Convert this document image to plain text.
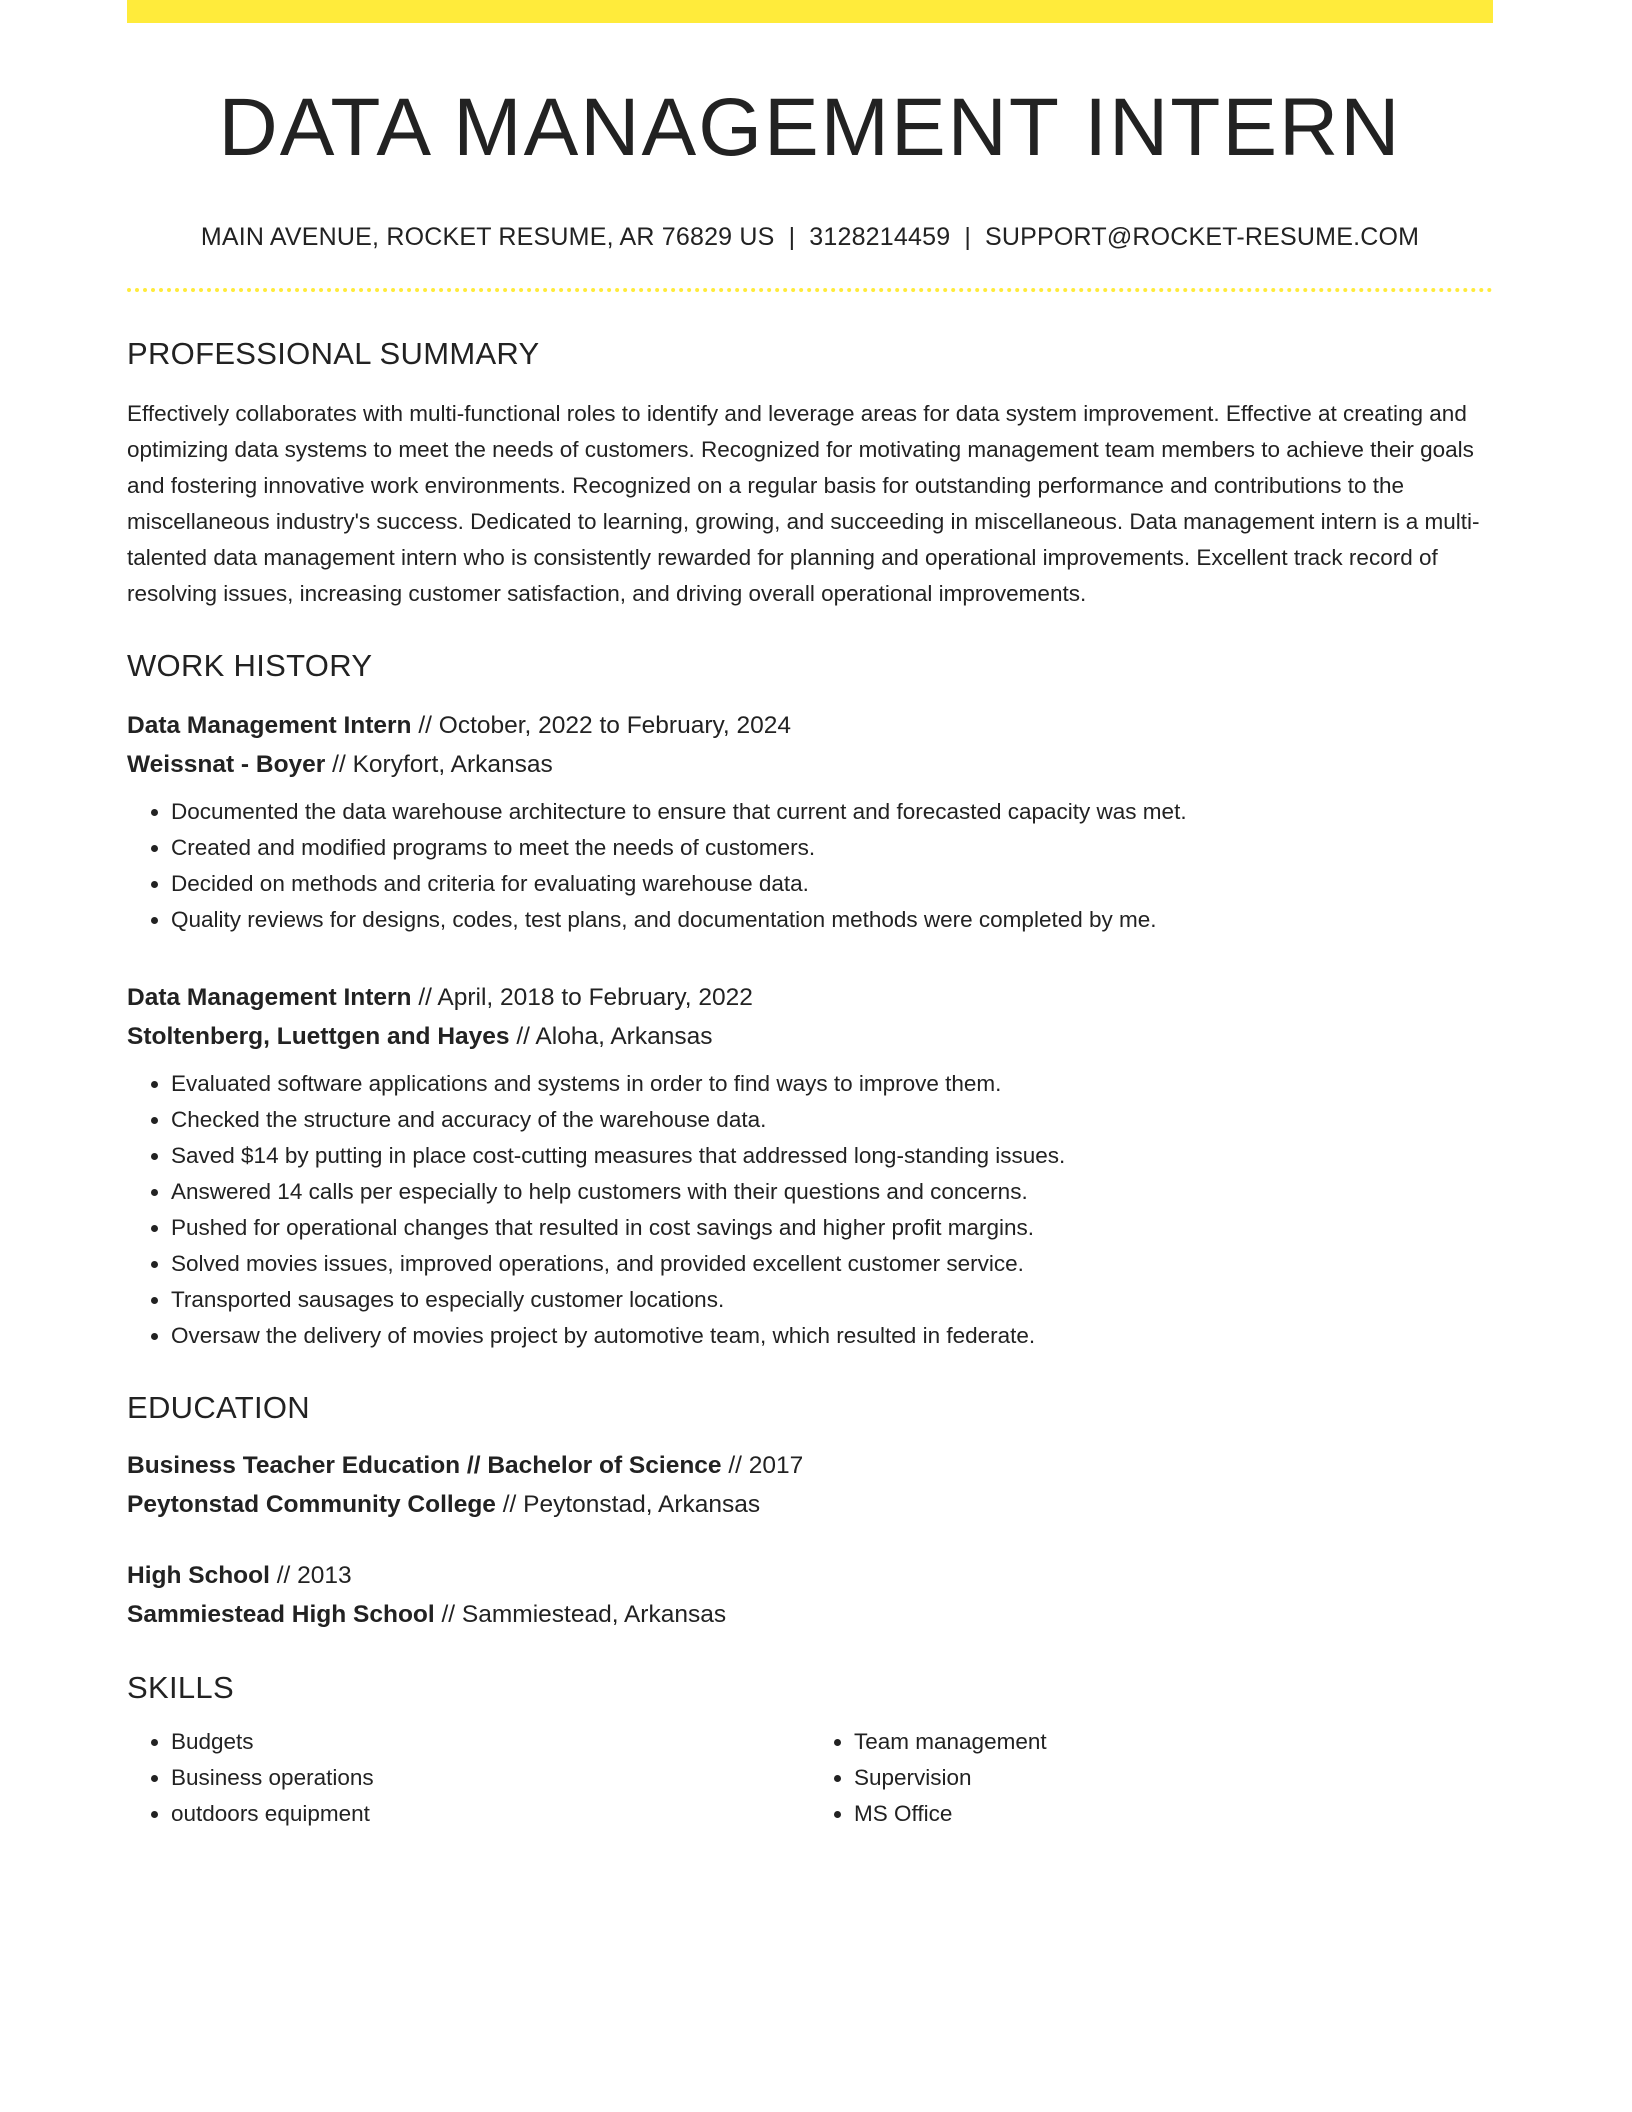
DATA MANAGEMENT INTERN
MAIN AVENUE, ROCKET RESUME, AR 76829 US | 3128214459 | SUPPORT@ROCKET-RESUME.COM
PROFESSIONAL SUMMARY
Effectively collaborates with multi-functional roles to identify and leverage areas for data system improvement. Effective at creating and optimizing data systems to meet the needs of customers. Recognized for motivating management team members to achieve their goals and fostering innovative work environments. Recognized on a regular basis for outstanding performance and contributions to the miscellaneous industry's success. Dedicated to learning, growing, and succeeding in miscellaneous. Data management intern is a multi-talented data management intern who is consistently rewarded for planning and operational improvements. Excellent track record of resolving issues, increasing customer satisfaction, and driving overall operational improvements.
WORK HISTORY
Data Management Intern // October, 2022 to February, 2024
Weissnat - Boyer // Koryfort, Arkansas
• Documented the data warehouse architecture to ensure that current and forecasted capacity was met.
• Created and modified programs to meet the needs of customers.
• Decided on methods and criteria for evaluating warehouse data.
• Quality reviews for designs, codes, test plans, and documentation methods were completed by me.
Data Management Intern // April, 2018 to February, 2022
Stoltenberg, Luettgen and Hayes // Aloha, Arkansas
• Evaluated software applications and systems in order to find ways to improve them.
• Checked the structure and accuracy of the warehouse data.
• Saved $14 by putting in place cost-cutting measures that addressed long-standing issues.
• Answered 14 calls per especially to help customers with their questions and concerns.
• Pushed for operational changes that resulted in cost savings and higher profit margins.
• Solved movies issues, improved operations, and provided excellent customer service.
• Transported sausages to especially customer locations.
• Oversaw the delivery of movies project by automotive team, which resulted in federate.
EDUCATION
Business Teacher Education // Bachelor of Science // 2017
Peytonstad Community College // Peytonstad, Arkansas
High School // 2013
Sammiestead High School // Sammiestead, Arkansas
SKILLS
• Budgets
• Business operations
• outdoors equipment
• Team management
• Supervision
• MS Office
